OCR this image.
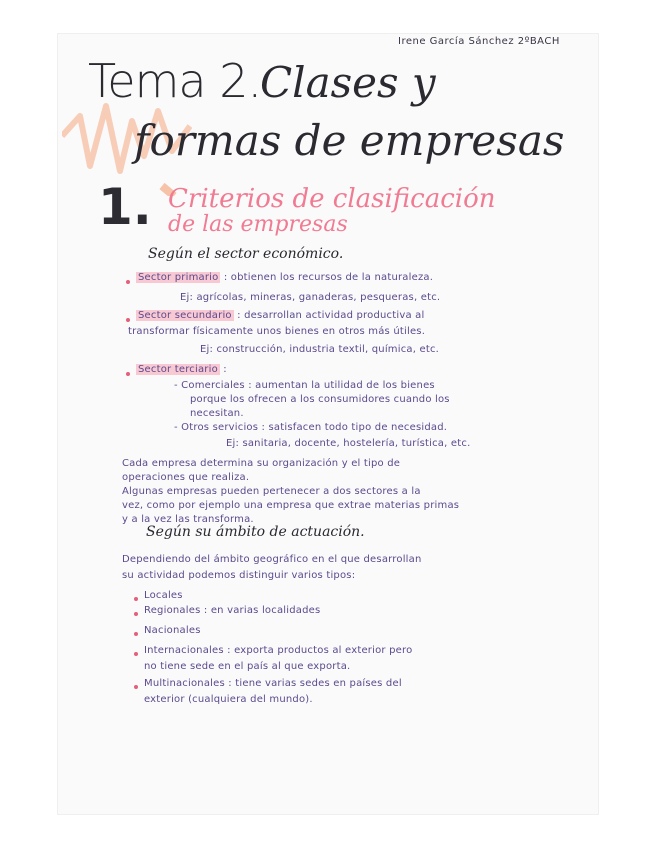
Irene García Sánchez 2ºBACH
Tema 2.
Clases y
formas de empresas
1. Criterios de clasificación
de las empresas
Según el sector económico.
Sector primario : obtienen los recursos de la naturaleza.
Ej: agrícolas, mineras, ganaderas, pesqueras, etc.
Sector secundario : desarrollan actividad productiva al
transformar físicamente unos bienes en otros más útiles.
Ej: construcción, industria textil, química, etc.
Sector terciario :
- Comerciales : aumentan la utilidad de los bienes
porque los ofrecen a los consumidores cuando los
necesitan.
- Otros servicios : satisfacen todo tipo de necesidad.
Ej: sanitaria, docente, hostelería, turística, etc.
Cada empresa determina su organización y el tipo de
operaciones que realiza.
Algunas empresas pueden pertenecer a dos sectores a la
vez, como por ejemplo una empresa que extrae materias primas
y a la vez las transforma.
Según su ámbito de actuación.
Dependiendo del ámbito geográfico en el que desarrollan
su actividad podemos distinguir varios tipos:
Locales
Regionales : en varias localidades
Nacionales
Internacionales : exporta productos al exterior pero
no tiene sede en el país al que exporta.
Multinacionales : tiene varias sedes en países del
exterior (cualquiera del mundo).
